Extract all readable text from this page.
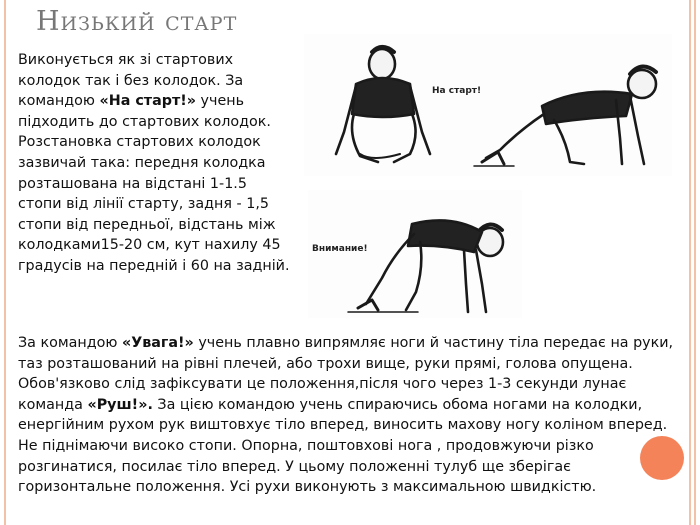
Низький старт

Виконується як зі стартових колодок так і без колодок. За командою «На старт!» учень підходить до стартових колодок. Розстановка стартових колодок зазвичай така: передня колодка розташована на відстані 1-1.5 стопи від лінії старту, задня - 1,5 стопи від передньої, відстань між колодками15-20 см, кут нахилу 45 градусів на передній і 60 на задній.

На старт!
Внимание!

За командою «Увага!» учень плавно випрямляє ноги й частину тіла передає на руки, таз розташований на рівні плечей, або трохи вище, руки прямі, голова опущена. Обов'язково слід зафіксувати це положення,після чого через 1-3 секунди лунає команда «Руш!». За цією командою учень спираючись обома ногами на колодки, енергійним рухом рук виштовхує тіло вперед, виносить махову ногу коліном вперед. Не піднімаючи високо стопи. Опорна, поштовхові нога , продовжуючи різко розгинатися, посилає тіло вперед. У цьому положенні тулуб ще зберігає горизонтальне положення. Усі рухи виконують з максимальною швидкістю.
